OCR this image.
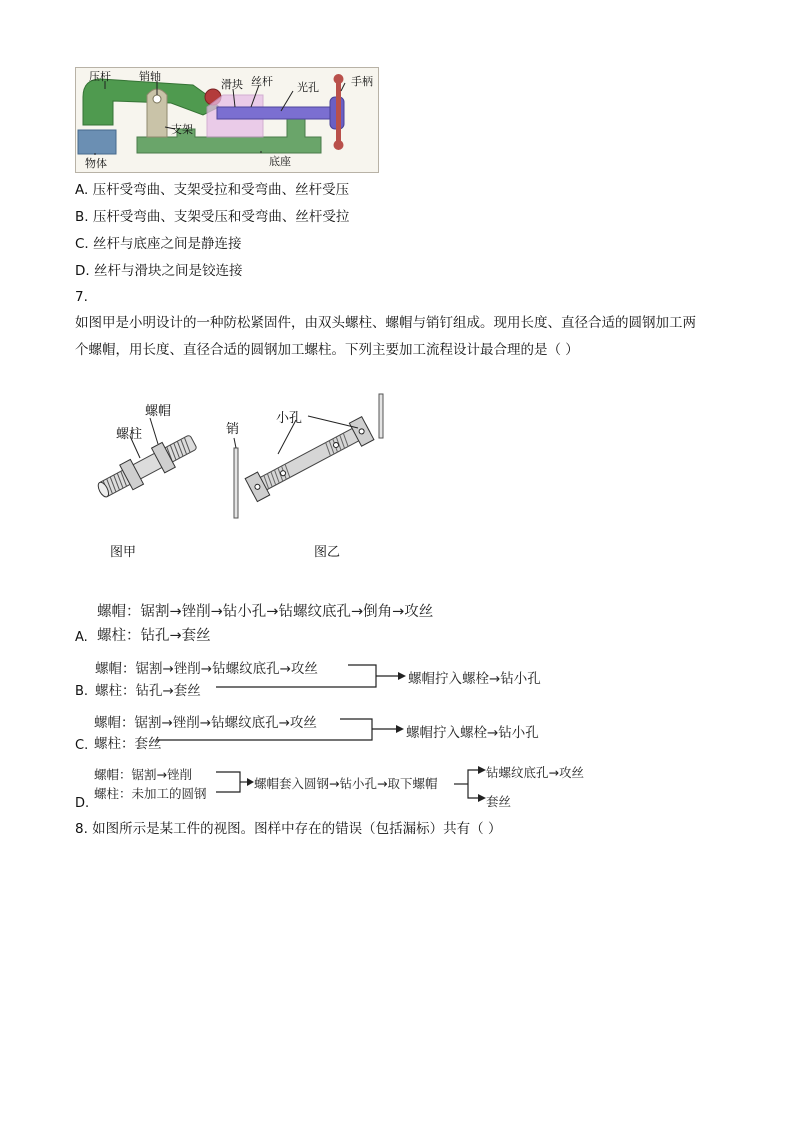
压杆	销轴
滑块 丝杆 光孔	手柄
支架
物体	底座
A. 压杆受弯曲、支架受拉和受弯曲、丝杆受压
B. 压杆受弯曲、支架受压和受弯曲、丝杆受拉
C. 丝杆与底座之间是静连接
D. 丝杆与滑块之间是铰连接
7.
如图甲是小明设计的一种防松紧固件，由双头螺柱、螺帽与销钉组成。现用长度、直径合适的圆钢加工两
个螺帽，用长度、直径合适的圆钢加工螺柱。下列主要加工流程设计最合理的是（ ）
螺帽
螺柱	销
小孔
图甲	图乙
螺帽：锯割→锉削→钻小孔→钻螺纹底孔→倒角→攻丝
螺柱：钻孔→套丝
A.
螺帽：锯割→锉削→钻螺纹底孔→攻丝
螺柱：钻孔→套丝
B.
螺帽拧入螺栓→钻小孔
螺帽：锯割→锉削→钻螺纹底孔→攻丝
螺柱：套丝
C.
螺帽拧入螺栓→钻小孔
螺帽：锯割→锉削
螺柱：未加工的圆钢
D.
螺帽套入圆钢→钻小孔→取下螺帽
钻螺纹底孔→攻丝
套丝
8. 如图所示是某工件的视图。图样中存在的错误（包括漏标）共有（ ）
